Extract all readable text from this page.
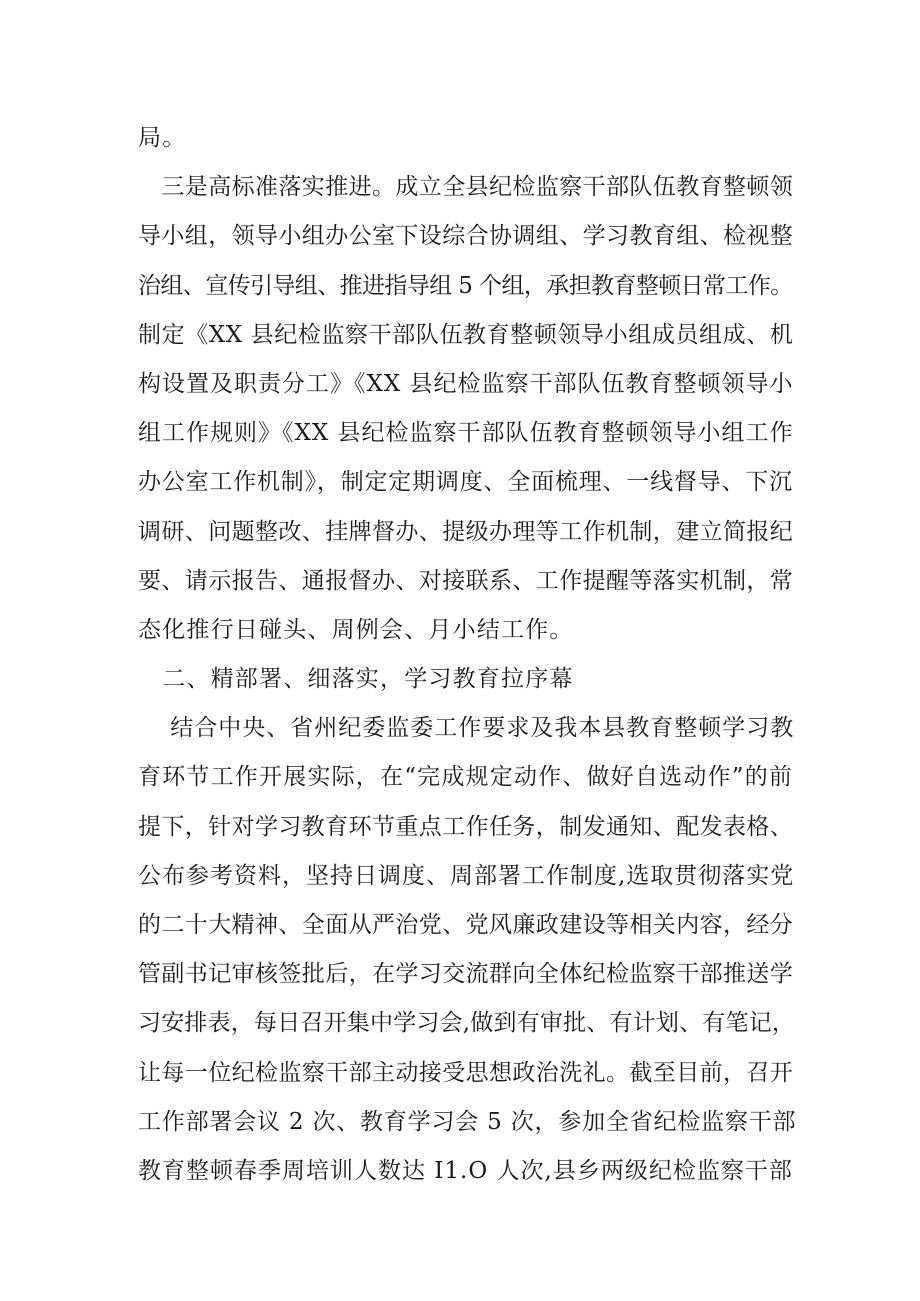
局。
　三是高标准落实推进。成立全县纪检监察干部队伍教育整顿领
导小组，领导小组办公室下设综合协调组、学习教育组、检视整
治组、宣传引导组、推进指导组 5 个组，承担教育整顿日常工作。
制定《XX 县纪检监察干部队伍教育整顿领导小组成员组成、机
构设置及职责分工》《XX 县纪检监察干部队伍教育整顿领导小
组工作规则》《XX 县纪检监察干部队伍教育整顿领导小组工作
办公室工作机制》，制定定期调度、全面梳理、一线督导、下沉
调研、问题整改、挂牌督办、提级办理等工作机制，建立简报纪
要、请示报告、通报督办、对接联系、工作提醒等落实机制，常
态化推行日碰头、周例会、月小结工作。
　二、精部署、细落实，学习教育拉序幕
　 结合中央、省州纪委监委工作要求及我本县教育整顿学习教
育环节工作开展实际，在“完成规定动作、做好自选动作”的前
提下，针对学习教育环节重点工作任务，制发通知、配发表格、
公布参考资料，坚持日调度、周部署工作制度,选取贯彻落实党
的二十大精神、全面从严治党、党风廉政建设等相关内容，经分
管副书记审核签批后，在学习交流群向全体纪检监察干部推送学
习安排表，每日召开集中学习会,做到有审批、有计划、有笔记，
让每一位纪检监察干部主动接受思想政治洗礼。截至目前，召开
工作部署会议 2 次、教育学习会 5 次，参加全省纪检监察干部
教育整顿春季周培训人数达 I1.O 人次,县乡两级纪检监察干部
